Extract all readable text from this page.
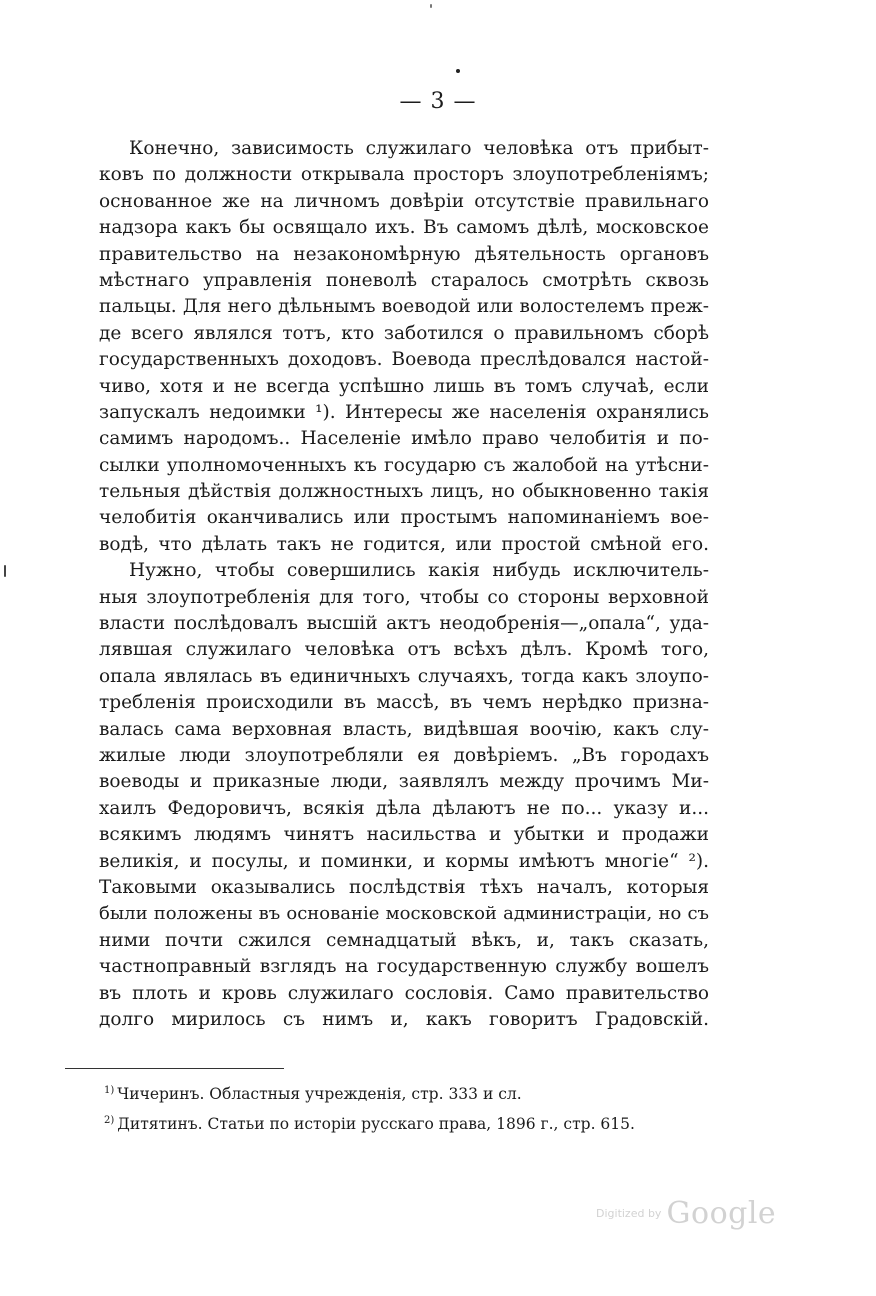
— 3 —
Конечно, зависимость служилаго человѣка отъ прибыт-
ковъ по должности открывала просторъ злоупотребленіямъ;
основанное же на личномъ довѣріи отсутствіе правильнаго
надзора какъ бы освящало ихъ. Въ самомъ дѣлѣ, московское
правительство на незакономѣрную дѣятельность органовъ
мѣстнаго управленія поневолѣ старалось смотрѣть сквозь
пальцы. Для него дѣльнымъ воеводой или волостелемъ преж-
де всего являлся тотъ, кто заботился о правильномъ сборѣ
государственныхъ доходовъ. Воевода преслѣдовался настой-
чиво, хотя и не всегда успѣшно лишь въ томъ случаѣ, если
запускалъ недоимки ¹). Интересы же населенія охранялись
самимъ народомъ.. Населеніе имѣло право челобитія и по-
сылки уполномоченныхъ къ государю съ жалобой на утѣсни-
тельныя дѣйствія должностныхъ лицъ, но обыкновенно такія
челобитія оканчивались или простымъ напоминаніемъ вое-
водѣ, что дѣлать такъ не годится, или простой смѣной его.
Нужно, чтобы совершились какія нибудь исключитель-
ныя злоупотребленія для того, чтобы со стороны верховной
власти послѣдовалъ высшій актъ неодобренія—„опала“, уда-
лявшая служилаго человѣка отъ всѣхъ дѣлъ. Кромѣ того,
опала являлась въ единичныхъ случаяхъ, тогда какъ злоупо-
требленія происходили въ массѣ, въ чемъ нерѣдко призна-
валась сама верховная власть, видѣвшая воочію, какъ слу-
жилые люди злоупотребляли ея довѣріемъ. „Въ городахъ
воеводы и приказные люди, заявлялъ между прочимъ Ми-
хаилъ Федоровичъ, всякія дѣла дѣлаютъ не по... указу и...
всякимъ людямъ чинятъ насильства и убытки и продажи
великія, и посулы, и поминки, и кормы имѣютъ многіе“ ²).
Таковыми оказывались послѣдствія тѣхъ началъ, которыя
были положены въ основаніе московской администраціи, но съ
ними почти сжился семнадцатый вѣкъ, и, такъ сказать,
частноправный взглядъ на государственную службу вошелъ
въ плоть и кровь служилаго сословія. Само правительство
долго мирилось съ нимъ и, какъ говоритъ Градовскій.
$^{1)}$ Чичеринъ. Областныя учрежденія, стр. 333 и сл.
$^{2)}$ Дитятинъ. Статьи по исторіи русскаго права, 1896 г., стр. 615.
$^{Digitized by}$ Google
